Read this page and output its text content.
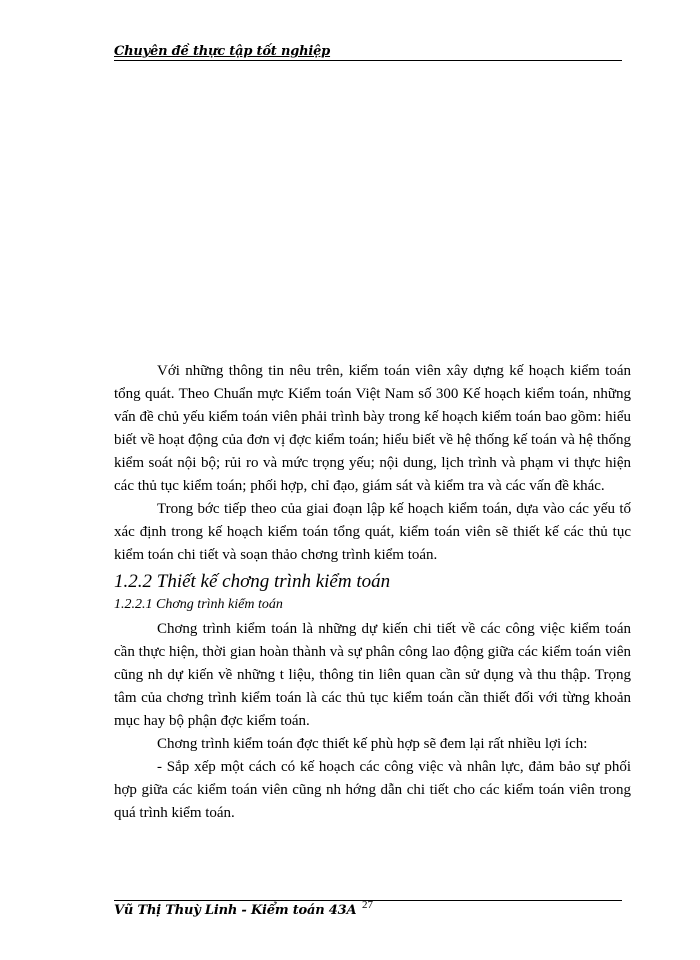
Chuyên đề thực tập tốt nghiệp

Với những thông tin nêu trên, kiểm toán viên xây dựng kế hoạch kiểm toán tổng quát. Theo Chuẩn mực Kiểm toán Việt Nam số 300 Kế hoạch kiểm toán, những vấn đề chủ yếu kiểm toán viên phải trình bày trong kế hoạch kiểm toán bao gồm: hiểu biết về hoạt động của đơn vị đợc kiểm toán; hiểu biết về hệ thống kế toán và hệ thống kiểm soát nội bộ; rủi ro và mức trọng yếu; nội dung, lịch trình và phạm vi thực hiện các thủ tục kiểm toán; phối hợp, chỉ đạo, giám sát và kiểm tra và các vấn đề khác.

Trong bớc tiếp theo của giai đoạn lập kế hoạch kiểm toán, dựa vào các yếu tố xác định trong kế hoạch kiểm toán tổng quát, kiểm toán viên sẽ thiết kế các thủ tục kiểm toán chi tiết và soạn thảo chơng trình kiểm toán.

1.2.2 Thiết kế chơng trình kiểm toán
1.2.2.1 Chơng trình kiểm toán

Chơng trình kiểm toán là những dự kiến chi tiết về các công việc kiểm toán cần thực hiện, thời gian hoàn thành và sự phân công lao động giữa các kiểm toán viên cũng nh dự kiến về những t liệu, thông tin liên quan cần sử dụng và thu thập. Trọng tâm của chơng trình kiểm toán là các thủ tục kiểm toán cần thiết đối với từng khoản mục hay bộ phận đợc kiểm toán.

Chơng trình kiểm toán đợc thiết kế phù hợp sẽ đem lại rất nhiều lợi ích:

- Sắp xếp một cách có kế hoạch các công việc và nhân lực, đảm bảo sự phối hợp giữa các kiểm toán viên cũng nh hớng dẫn chi tiết cho các kiểm toán viên trong quá trình kiểm toán.

Vũ Thị Thuỳ Linh - Kiểm toán 43A 27
